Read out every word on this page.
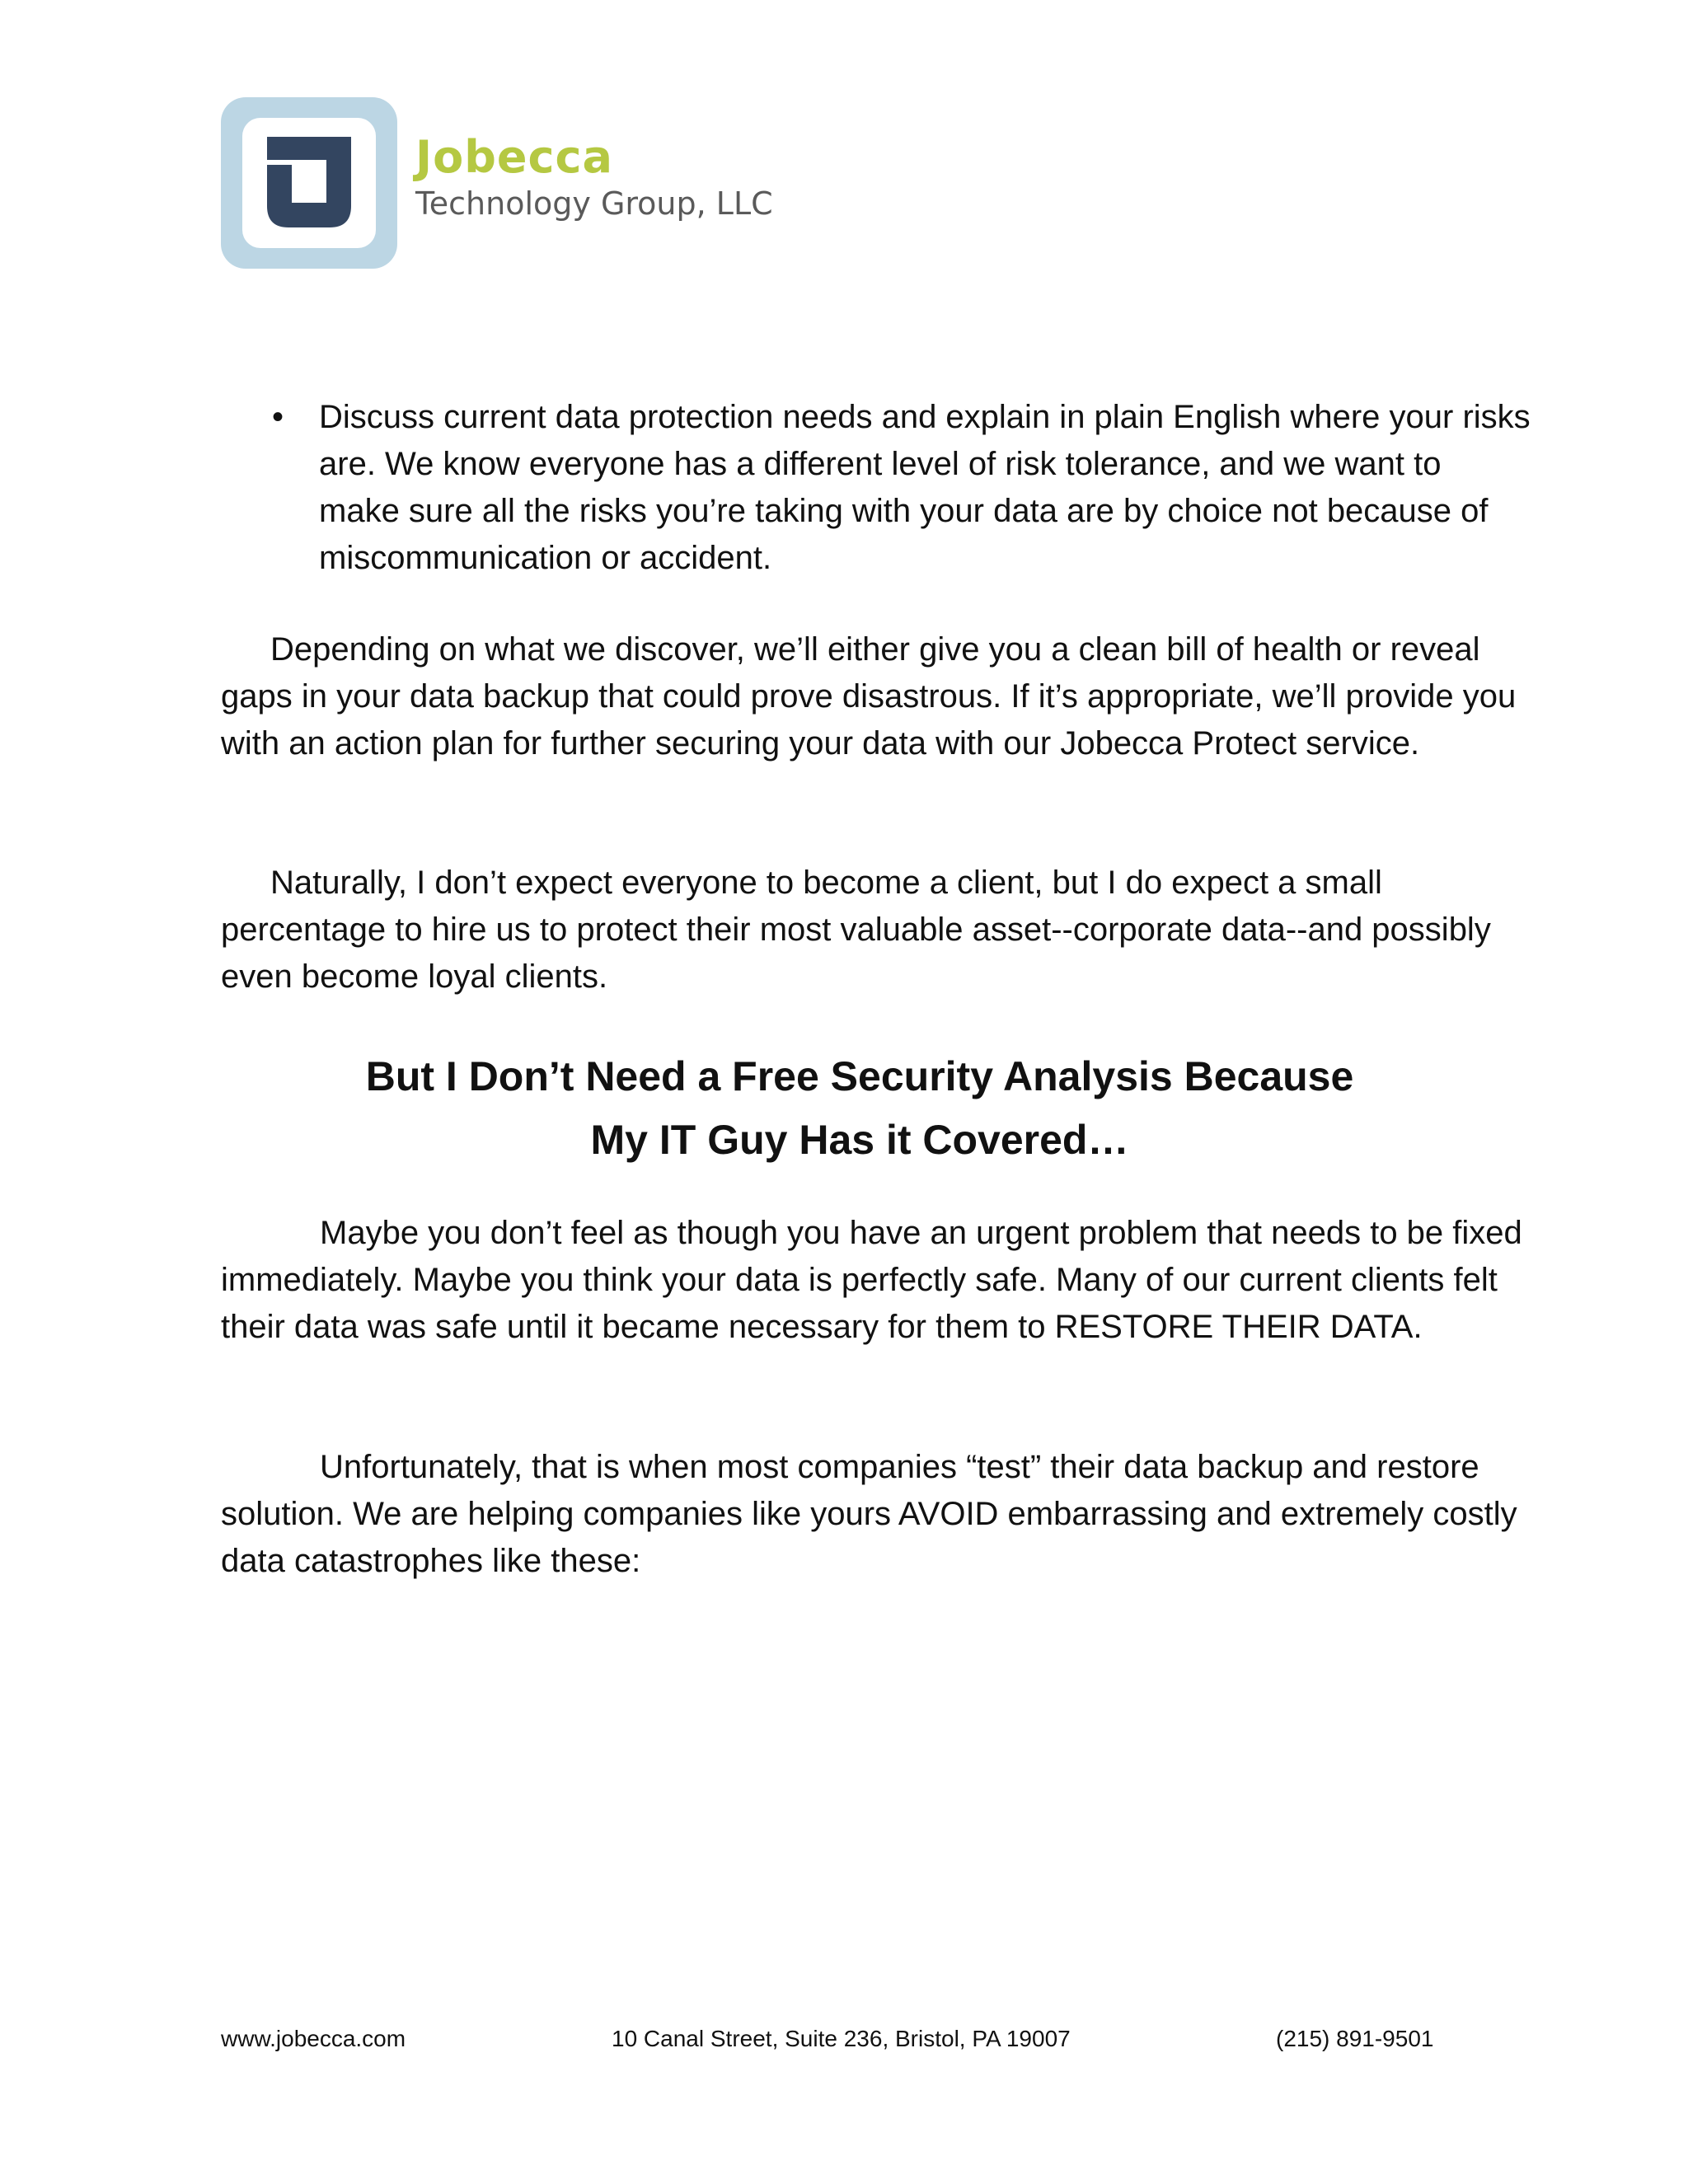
Jobecca
Technology Group, LLC
• Discuss current data protection needs and explain in plain English where your risks are. We know everyone has a different level of risk tolerance, and we want to make sure all the risks you’re taking with your data are by choice not because of miscommunication or accident.

Depending on what we discover, we’ll either give you a clean bill of health or reveal gaps in your data backup that could prove disastrous. If it’s appropriate, we’ll provide you with an action plan for further securing your data with our Jobecca Protect service.

Naturally, I don’t expect everyone to become a client, but I do expect a small percentage to hire us to protect their most valuable asset--corporate data--and possibly even become loyal clients.

But I Don’t Need a Free Security Analysis Because
My IT Guy Has it Covered…

Maybe you don’t feel as though you have an urgent problem that needs to be fixed immediately. Maybe you think your data is perfectly safe. Many of our current clients felt their data was safe until it became necessary for them to RESTORE THEIR DATA.

Unfortunately, that is when most companies “test” their data backup and restore solution. We are helping companies like yours AVOID embarrassing and extremely costly data catastrophes like these:

www.jobecca.com	10 Canal Street, Suite 236, Bristol, PA 19007	(215) 891-9501
